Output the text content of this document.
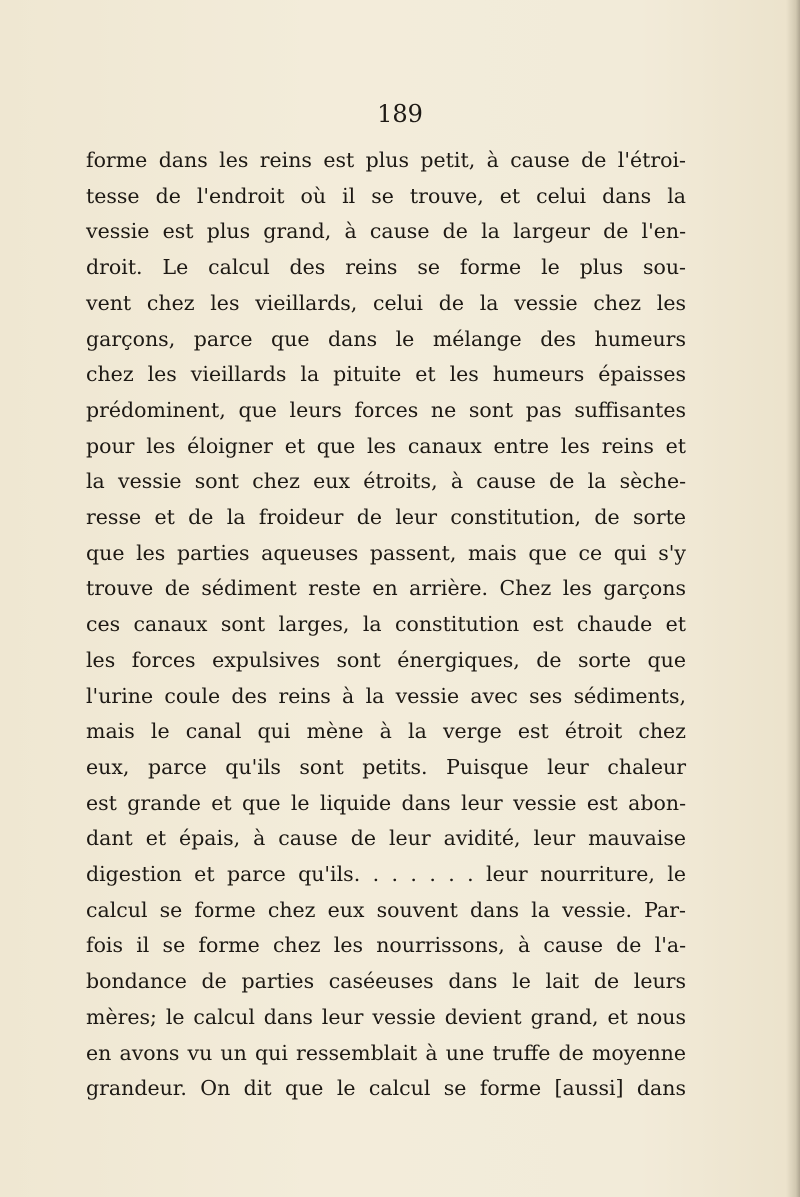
189

forme dans les reins est plus petit, à cause de l'étroi-
tesse de l'endroit où il se trouve, et celui dans la
vessie est plus grand, à cause de la largeur de l'en-
droit. Le calcul des reins se forme le plus sou-
vent chez les vieillards, celui de la vessie chez les
garçons, parce que dans le mélange des humeurs
chez les vieillards la pituite et les humeurs épaisses
prédominent, que leurs forces ne sont pas suffisantes
pour les éloigner et que les canaux entre les reins et
la vessie sont chez eux étroits, à cause de la sèche-
resse et de la froideur de leur constitution, de sorte
que les parties aqueuses passent, mais que ce qui s'y
trouve de sédiment reste en arrière. Chez les garçons
ces canaux sont larges, la constitution est chaude et
les forces expulsives sont énergiques, de sorte que
l'urine coule des reins à la vessie avec ses sédiments,
mais le canal qui mène à la verge est étroit chez
eux, parce qu'ils sont petits. Puisque leur chaleur
est grande et que le liquide dans leur vessie est abon-
dant et épais, à cause de leur avidité, leur mauvaise
digestion et parce qu'ils. . . . . . . leur nourriture, le
calcul se forme chez eux souvent dans la vessie. Par-
fois il se forme chez les nourrissons, à cause de l'a-
bondance de parties caséeuses dans le lait de leurs
mères; le calcul dans leur vessie devient grand, et nous
en avons vu un qui ressemblait à une truffe de moyenne
grandeur. On dit que le calcul se forme [aussi] dans
